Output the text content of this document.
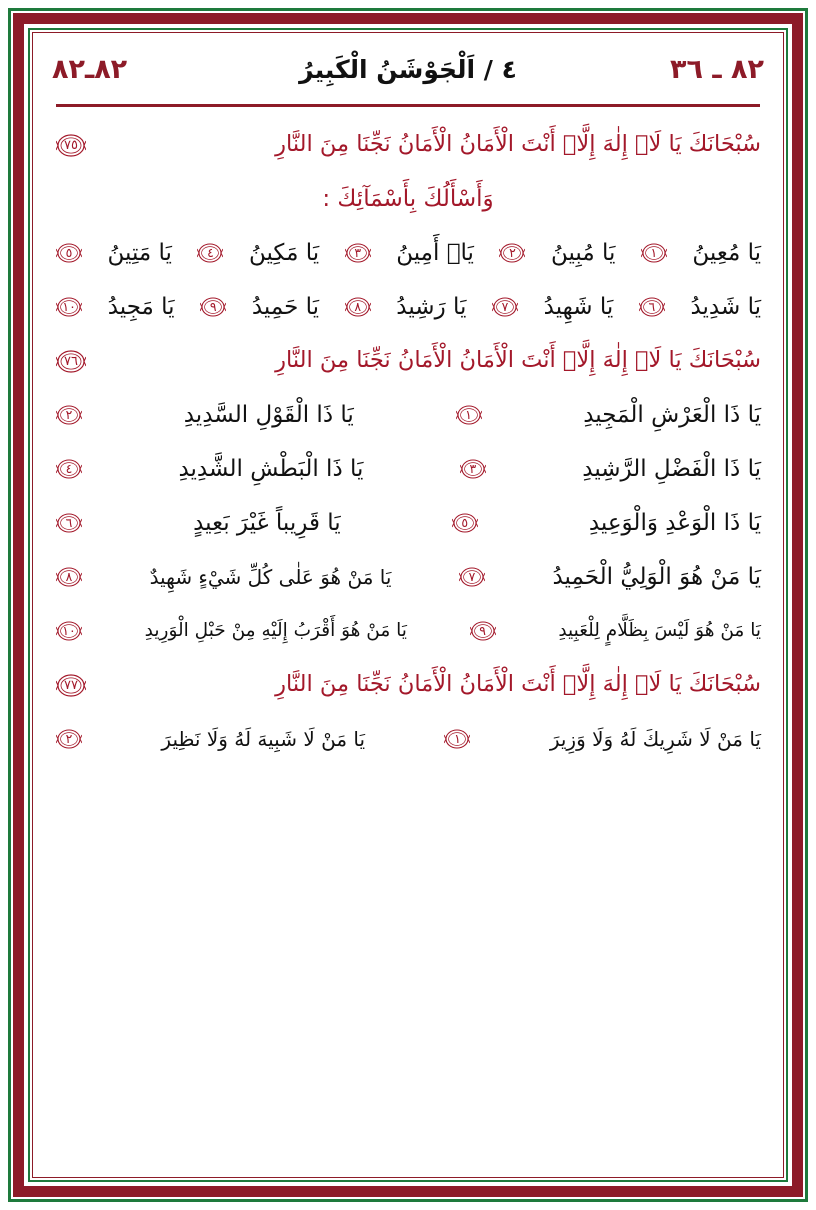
٨٢ ـ ٣٦
٤ / اَلْجَوْشَنُ الْكَبِيرُ
٨٢ـ٨٢
سُبْحَانَكَ يَا لَاۤ إِلٰهَ إِلَّاۤ أَنْتَ الْأَمَانُ الْأَمَانُ نَجِّنَا مِنَ النَّارِ
٧٥
وَأَسْأَلُكَ بِأَسْمَآئِكَ :
يَا مُعِينُ
١
يَا مُبِينُ
٢
يَاۤ أَمِينُ
٣
يَا مَكِينُ
٤
يَا مَتِينُ
٥
يَا شَدِيدُ
٦
يَا شَهِيدُ
٧
يَا رَشِيدُ
٨
يَا حَمِيدُ
٩
يَا مَجِيدُ
١٠
سُبْحَانَكَ يَا لَاۤ إِلٰهَ إِلَّاۤ أَنْتَ الْأَمَانُ الْأَمَانُ نَجِّنَا مِنَ النَّارِ
٧٦
يَا ذَا الْعَرْشِ الْمَجِيدِ
١
يَا ذَا الْقَوْلِ السَّدِيدِ
٢
يَا ذَا الْفَضْلِ الرَّشِيدِ
٣
يَا ذَا الْبَطْشِ الشَّدِيدِ
٤
يَا ذَا الْوَعْدِ وَالْوَعِيدِ
٥
يَا قَرِيباً غَيْرَ بَعِيدٍ
٦
يَا مَنْ هُوَ الْوَلِيُّ الْحَمِيدُ
٧
يَا مَنْ هُوَ عَلٰى كُلِّ شَيْءٍ شَهِيدٌ
٨
يَا مَنْ هُوَ لَيْسَ بِظَلَّامٍ لِلْعَبِيدِ
٩
يَا مَنْ هُوَ أَقْرَبُ إِلَيْهِ مِنْ حَبْلِ الْوَرِيدِ
١٠
سُبْحَانَكَ يَا لَاۤ إِلٰهَ إِلَّاۤ أَنْتَ الْأَمَانُ الْأَمَانُ نَجِّنَا مِنَ النَّارِ
٧٧
يَا مَنْ لَا شَرِيكَ لَهُ وَلَا وَزِيرَ
١
يَا مَنْ لَا شَبِيهَ لَهُ وَلَا نَظِيرَ
٢
